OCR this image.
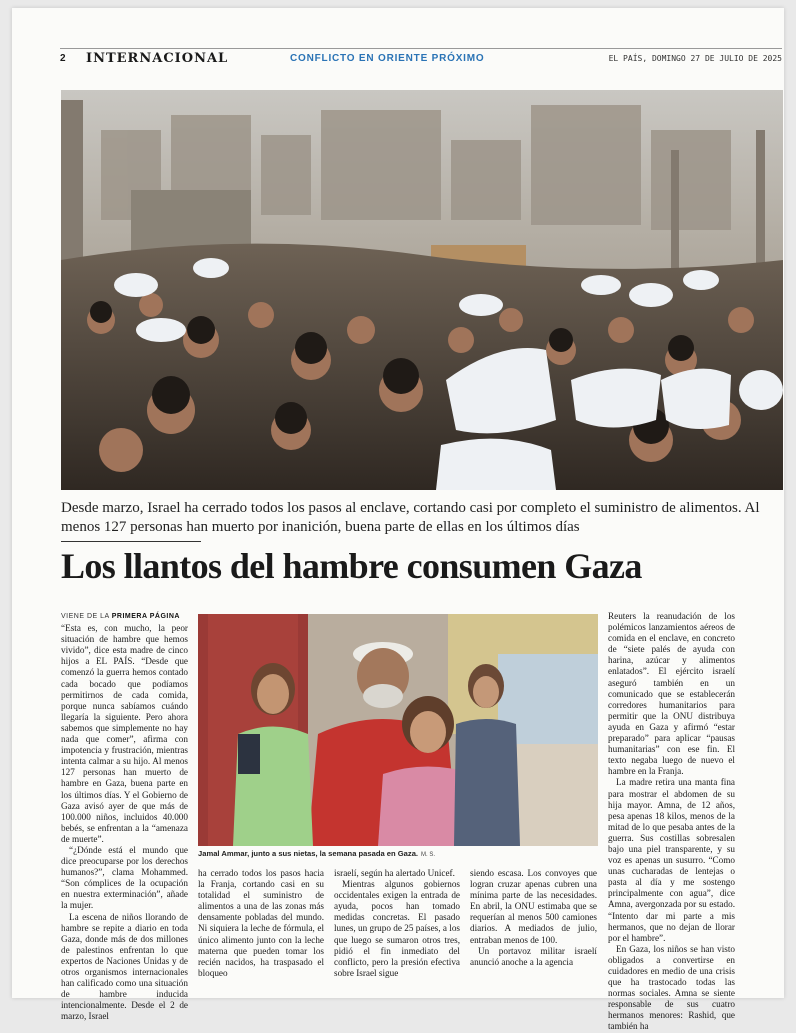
2 INTERNACIONAL	CONFLICTO EN ORIENTE PRÓXIMO	EL PAÍS, DOMINGO 27 DE JULIO DE 2025
Desde marzo, Israel ha cerrado todos los pasos al enclave, cortando casi por completo el suministro de alimentos. Al menos 127 personas han muerto por inanición, buena parte de ellas en los últimos días
Los llantos del hambre consumen Gaza
VIENE DE LA PRIMERA PÁGINA

“Esta es, con mucho, la peor situación de hambre que hemos vivido”, dice esta madre de cinco hijos a EL PAÍS. “Desde que comenzó la guerra hemos contado cada bocado que podíamos permitirnos de cada comida, porque nunca sabíamos cuándo llegaría la siguiente. Pero ahora sabemos que simplemente no hay nada que comer”, afirma con impotencia y frustración, mientras intenta calmar a su hijo. Al menos 127 personas han muerto de hambre en Gaza, buena parte en los últimos días. Y el Gobierno de Gaza avisó ayer de que más de 100.000 niños, incluidos 40.000 bebés, se enfrentan a la “amenaza de muerte”.

“¿Dónde está el mundo que dice preocuparse por los derechos humanos?”, clama Mohammed. “Son cómplices de la ocupación en nuestra exterminación”, añade la mujer.

La escena de niños llorando de hambre se repite a diario en toda Gaza, donde más de dos millones de palestinos enfrentan lo que expertos de Naciones Unidas y de otros organismos internacionales han calificado como una situación de hambre inducida intencionalmente. Desde el 2 de marzo, Israel

Jamal Ammar, junto a sus nietas, la semana pasada en Gaza. M. S.

ha cerrado todos los pasos hacia la Franja, cortando casi en su totalidad el suministro de alimentos a una de las zonas más densamente pobladas del mundo. Ni siquiera la leche de fórmula, el único alimento junto con la leche materna que pueden tomar los recién nacidos, ha traspasado el bloqueo

israelí, según ha alertado Unicef.

Mientras algunos gobiernos occidentales exigen la entrada de ayuda, pocos han tomado medidas concretas. El pasado lunes, un grupo de 25 países, a los que luego se sumaron otros tres, pidió el fin inmediato del conflicto, pero la presión efectiva sobre Israel sigue

siendo escasa. Los convoyes que logran cruzar apenas cubren una mínima parte de las necesidades. En abril, la ONU estimaba que se requerían al menos 500 camiones diarios. A mediados de julio, entraban menos de 100.

Un portavoz militar israelí anunció anoche a la agencia

Reuters la reanudación de los polémicos lanzamientos aéreos de comida en el enclave, en concreto de “siete palés de ayuda con harina, azúcar y alimentos enlatados”. El ejército israelí aseguró también en un comunicado que se establecerán corredores humanitarios para permitir que la ONU distribuya ayuda en Gaza y afirmó “estar preparado” para aplicar “pausas humanitarias” con ese fin. El texto negaba luego de nuevo el hambre en la Franja.

La madre retira una manta fina para mostrar el abdomen de su hija mayor. Amna, de 12 años, pesa apenas 18 kilos, menos de la mitad de lo que pesaba antes de la guerra. Sus costillas sobresalen bajo una piel transparente, y su voz es apenas un susurro. “Como unas cucharadas de lentejas o pasta al día y me sostengo principalmente con agua”, dice Amna, avergonzada por su estado. “Intento dar mi parte a mis hermanos, que no dejan de llorar por el hambre”.

En Gaza, los niños se han visto obligados a convertirse en cuidadores en medio de una crisis que ha trastocado todas las normas sociales. Amna se siente responsable de sus cuatro hermanos menores: Rashid, que también ha
